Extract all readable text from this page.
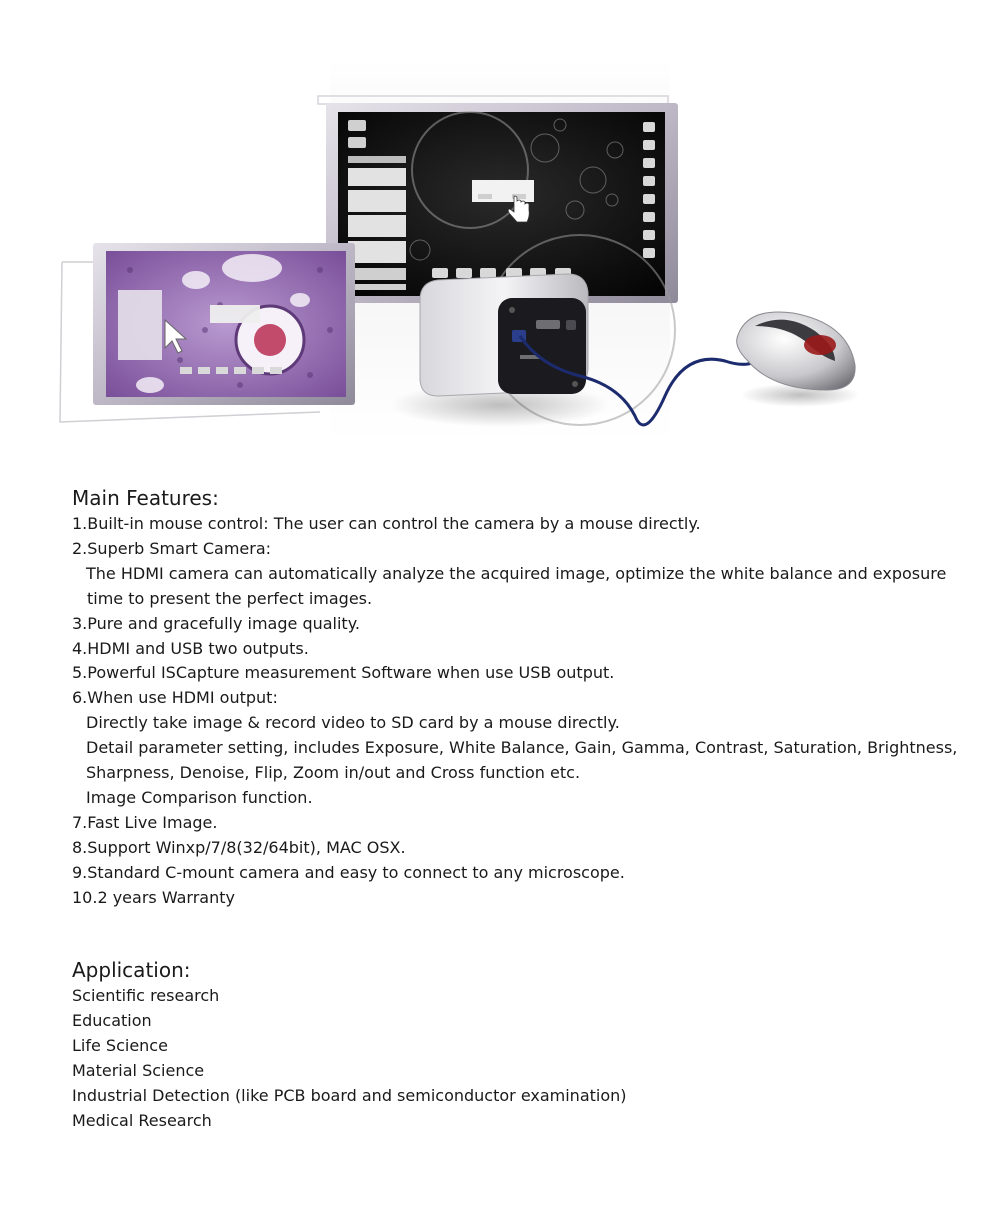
Main Features:

1.Built-in mouse control: The user can control the camera by a mouse directly.

2.Superb Smart Camera:

The HDMI camera can automatically analyze the acquired image, optimize the white balance and exposure

time to present the perfect images.

3.Pure and gracefully image quality.

4.HDMI and USB two outputs.

5.Powerful ISCapture measurement Software when use USB output.

6.When use HDMI output:

Directly take image & record video to SD card by a mouse directly.

Detail parameter setting, includes Exposure, White Balance, Gain, Gamma, Contrast, Saturation, Brightness,

Sharpness, Denoise, Flip, Zoom in/out and Cross function etc.

Image Comparison function.

7.Fast Live Image.

8.Support Winxp/7/8(32/64bit), MAC OSX.

9.Standard C-mount camera and easy to connect to any microscope.

10.2 years Warranty

Application:

Scientific research

Education

Life Science

Material Science

Industrial Detection (like PCB board and semiconductor examination)

Medical Research
